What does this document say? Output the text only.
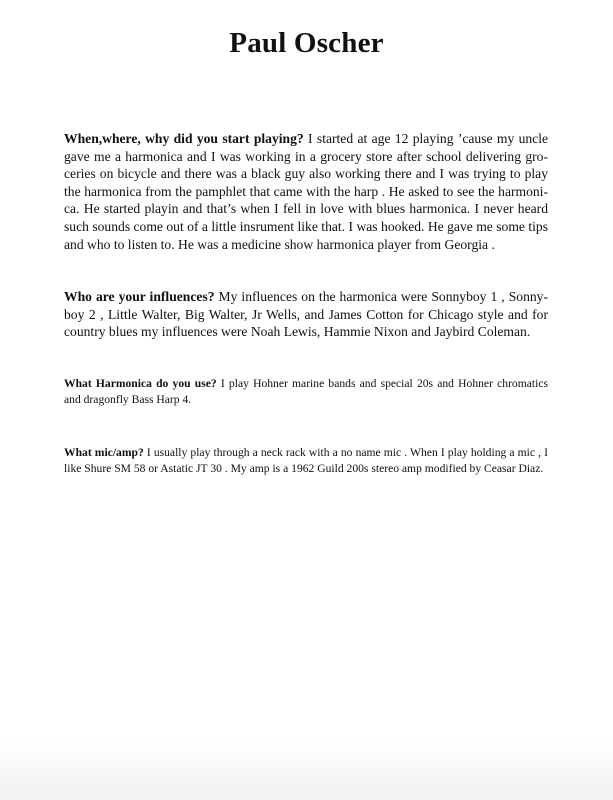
Paul Oscher

When,where, why did you start playing? I started at age 12 playing ’cause my uncle gave me a harmonica and I was working in a grocery store after school delivering groceries on bicycle and there was a black guy also working there and I was trying to play the harmonica from the pamphlet that came with the harp . He asked to see the harmonica. He started playin and that’s when I fell in love with blues harmonica. I never heard such sounds come out of a little insrument like that. I was hooked. He gave me some tips and who to listen to. He was a medicine show harmonica player from Georgia .

Who are your influences? My influences on the harmonica were Sonnyboy 1 , Sonnyboy 2 , Little Walter, Big Walter, Jr Wells, and James Cotton for Chicago style and for country blues my influences were Noah Lewis, Hammie Nixon and Jaybird Coleman.

What Harmonica do you use? I play Hohner marine bands and special 20s and Hohner chromatics and dragonfly Bass Harp 4.

What mic/amp? I usually play through a neck rack with a no name mic . When I play holding a mic , I like Shure SM 58 or Astatic JT 30 . My amp is a 1962 Guild 200s stereo amp modified by Ceasar Diaz.
